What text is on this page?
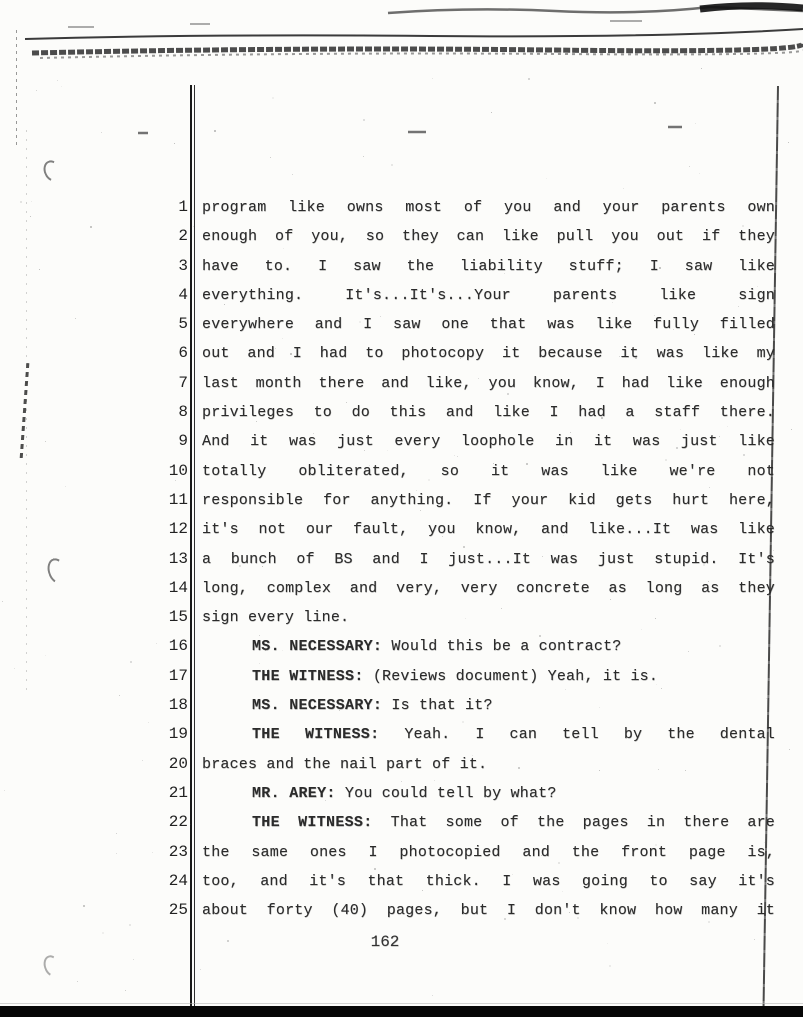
1 program like owns most of you and your parents own
2 enough of you, so they can like pull you out if they
3 have to. I saw the liability stuff; I saw like
4 everything. It's...It's...Your parents like sign
5 everywhere and I saw one that was like fully filled
6 out and I had to photocopy it because it was like my
7 last month there and like, you know, I had like enough
8 privileges to do this and like I had a staff there.
9 And it was just every loophole in it was just like
10 totally obliterated, so it was like we're not
11 responsible for anything. If your kid gets hurt here,
12 it's not our fault, you know, and like...It was like
13 a bunch of BS and I just...It was just stupid. It's
14 long, complex and very, very concrete as long as they
15 sign every line.
16	MS. NECESSARY: Would this be a contract?
17	THE WITNESS: (Reviews document) Yeah, it is.
18	MS. NECESSARY: Is that it?
19	THE WITNESS: Yeah. I can tell by the dental
20 braces and the nail part of it.
21	MR. AREY: You could tell by what?
22	THE WITNESS: That some of the pages in there are
23 the same ones I photocopied and the front page is,
24 too, and it's that thick. I was going to say it's
25 about forty (40) pages, but I don't know how many it
162
